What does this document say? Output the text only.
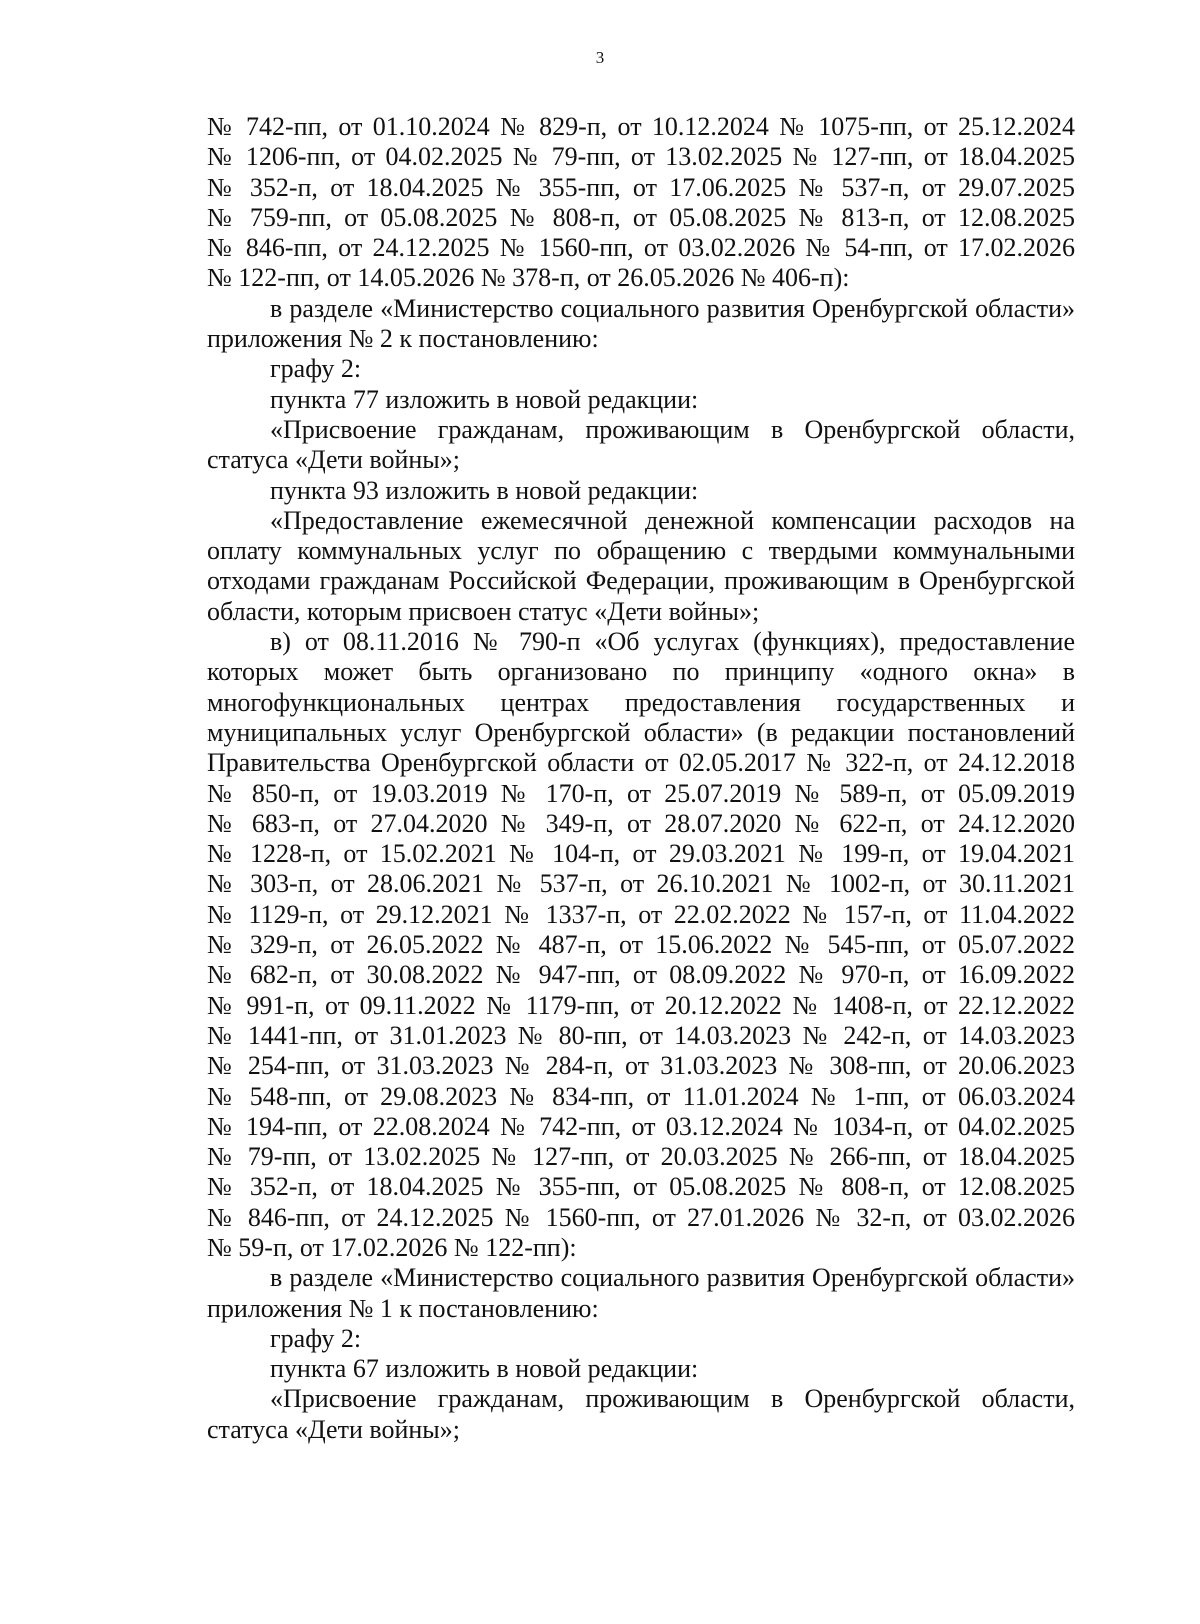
3
№ 742-пп, от 01.10.2024 № 829-п, от 10.12.2024 № 1075-пп, от 25.12.2024
№ 1206-пп, от 04.02.2025 № 79-пп, от 13.02.2025 № 127-пп, от 18.04.2025
№ 352-п, от 18.04.2025 № 355-пп, от 17.06.2025 № 537-п, от 29.07.2025
№ 759-пп, от 05.08.2025 № 808-п, от 05.08.2025 № 813-п, от 12.08.2025
№ 846-пп, от 24.12.2025 № 1560-пп, от 03.02.2026 № 54-пп, от 17.02.2026
№ 122-пп, от 14.05.2026 № 378-п, от 26.05.2026 № 406-п):
в разделе «Министерство социального развития Оренбургской области»
приложения № 2 к постановлению:
графу 2:
пункта 77 изложить в новой редакции:
«Присвоение гражданам, проживающим в Оренбургской области,
статуса «Дети войны»;
пункта 93 изложить в новой редакции:
«Предоставление ежемесячной денежной компенсации расходов на
оплату коммунальных услуг по обращению с твердыми коммунальными
отходами гражданам Российской Федерации, проживающим в Оренбургской
области, которым присвоен статус «Дети войны»;
в) от 08.11.2016 № 790-п «Об услугах (функциях), предоставление
которых может быть организовано по принципу «одного окна» в
многофункциональных центрах предоставления государственных и
муниципальных услуг Оренбургской области» (в редакции постановлений
Правительства Оренбургской области от 02.05.2017 № 322-п, от 24.12.2018
№ 850-п, от 19.03.2019 № 170-п, от 25.07.2019 № 589-п, от 05.09.2019
№ 683-п, от 27.04.2020 № 349-п, от 28.07.2020 № 622-п, от 24.12.2020
№ 1228-п, от 15.02.2021 № 104-п, от 29.03.2021 № 199-п, от 19.04.2021
№ 303-п, от 28.06.2021 № 537-п, от 26.10.2021 № 1002-п, от 30.11.2021
№ 1129-п, от 29.12.2021 № 1337-п, от 22.02.2022 № 157-п, от 11.04.2022
№ 329-п, от 26.05.2022 № 487-п, от 15.06.2022 № 545-пп, от 05.07.2022
№ 682-п, от 30.08.2022 № 947-пп, от 08.09.2022 № 970-п, от 16.09.2022
№ 991-п, от 09.11.2022 № 1179-пп, от 20.12.2022 № 1408-п, от 22.12.2022
№ 1441-пп, от 31.01.2023 № 80-пп, от 14.03.2023 № 242-п, от 14.03.2023
№ 254-пп, от 31.03.2023 № 284-п, от 31.03.2023 № 308-пп, от 20.06.2023
№ 548-пп, от 29.08.2023 № 834-пп, от 11.01.2024 № 1-пп, от 06.03.2024
№ 194-пп, от 22.08.2024 № 742-пп, от 03.12.2024 № 1034-п, от 04.02.2025
№ 79-пп, от 13.02.2025 № 127-пп, от 20.03.2025 № 266-пп, от 18.04.2025
№ 352-п, от 18.04.2025 № 355-пп, от 05.08.2025 № 808-п, от 12.08.2025
№ 846-пп, от 24.12.2025 № 1560-пп, от 27.01.2026 № 32-п, от 03.02.2026
№ 59-п, от 17.02.2026 № 122-пп):
в разделе «Министерство социального развития Оренбургской области»
приложения № 1 к постановлению:
графу 2:
пункта 67 изложить в новой редакции:
«Присвоение гражданам, проживающим в Оренбургской области,
статуса «Дети войны»;
